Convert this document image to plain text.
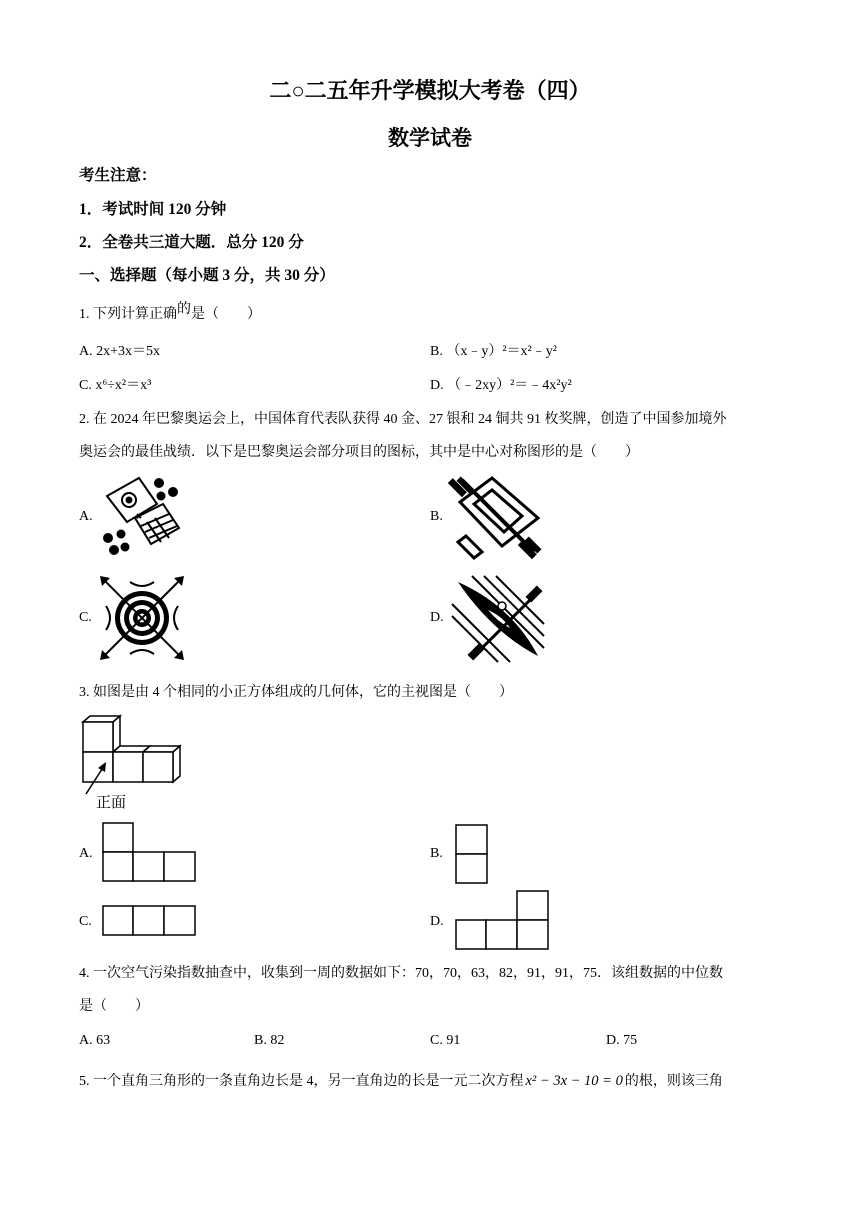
二○二五年升学模拟大考卷（四）
数学试卷
考生注意：
1．考试时间 120 分钟
2．全卷共三道大题．总分 120 分
一、选择题（每小题 3 分，共 30 分）
1. 下列计算正确的是（　　）
A. 2x+3x＝5x	B. （x﹣y）²＝x²﹣y²
C. x⁶÷x²＝x³	D. （﹣2xy）²＝﹣4x²y²
2. 在 2024 年巴黎奥运会上，中国体育代表队获得 40 金、27 银和 24 铜共 91 枚奖牌，创造了中国参加境外
奥运会的最佳战绩．以下是巴黎奥运会部分项目的图标，其中是中心对称图形的是（　　）
A.	B.
C.	D.
3. 如图是由 4 个相同的小正方体组成的几何体，它的主视图是（　　）
正面
A.	B.
C.	D.
4. 一次空气污染指数抽查中，收集到一周的数据如下：70，70，63，82，91，91，75．该组数据的中位数
是（　　）
A. 63	B. 82	C. 91	D. 75
5. 一个直角三角形的一条直角边长是 4，另一直角边的长是一元二次方程 x² − 3x − 10 = 0 的根，则该三角
